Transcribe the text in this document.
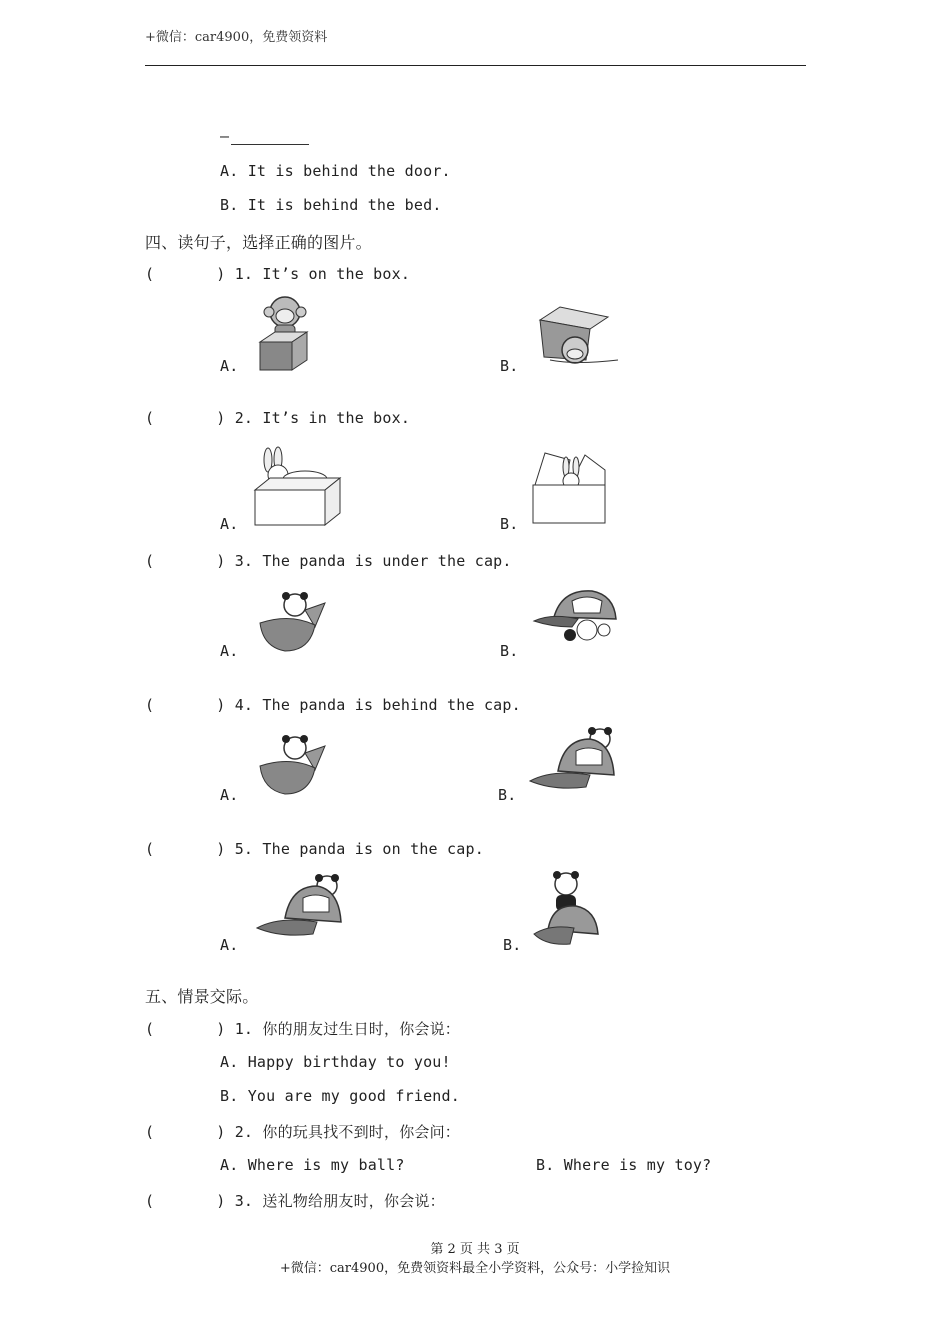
+微信：car4900，免费领资料
—
A. It is behind the door.
B. It is behind the bed.
四、读句子，选择正确的图片。
(	) 1. It’s on the box.
A.	B.
(	) 2. It’s in the box.
A.	B.
(	) 3. The panda is under the cap.
A.	B.
(	) 4. The panda is behind the cap.
A.	B.
(	) 5. The panda is on the cap.
A.	B.
五、情景交际。
(	) 1. 你的朋友过生日时，你会说：
A. Happy birthday to you!
B. You are my good friend.
(	) 2. 你的玩具找不到时，你会问：
A. Where is my ball?	B. Where is my toy?
(	) 3. 送礼物给朋友时，你会说：
第 2 页 共 3 页
+微信：car4900，免费领资料最全小学资料，公众号：小学捡知识
